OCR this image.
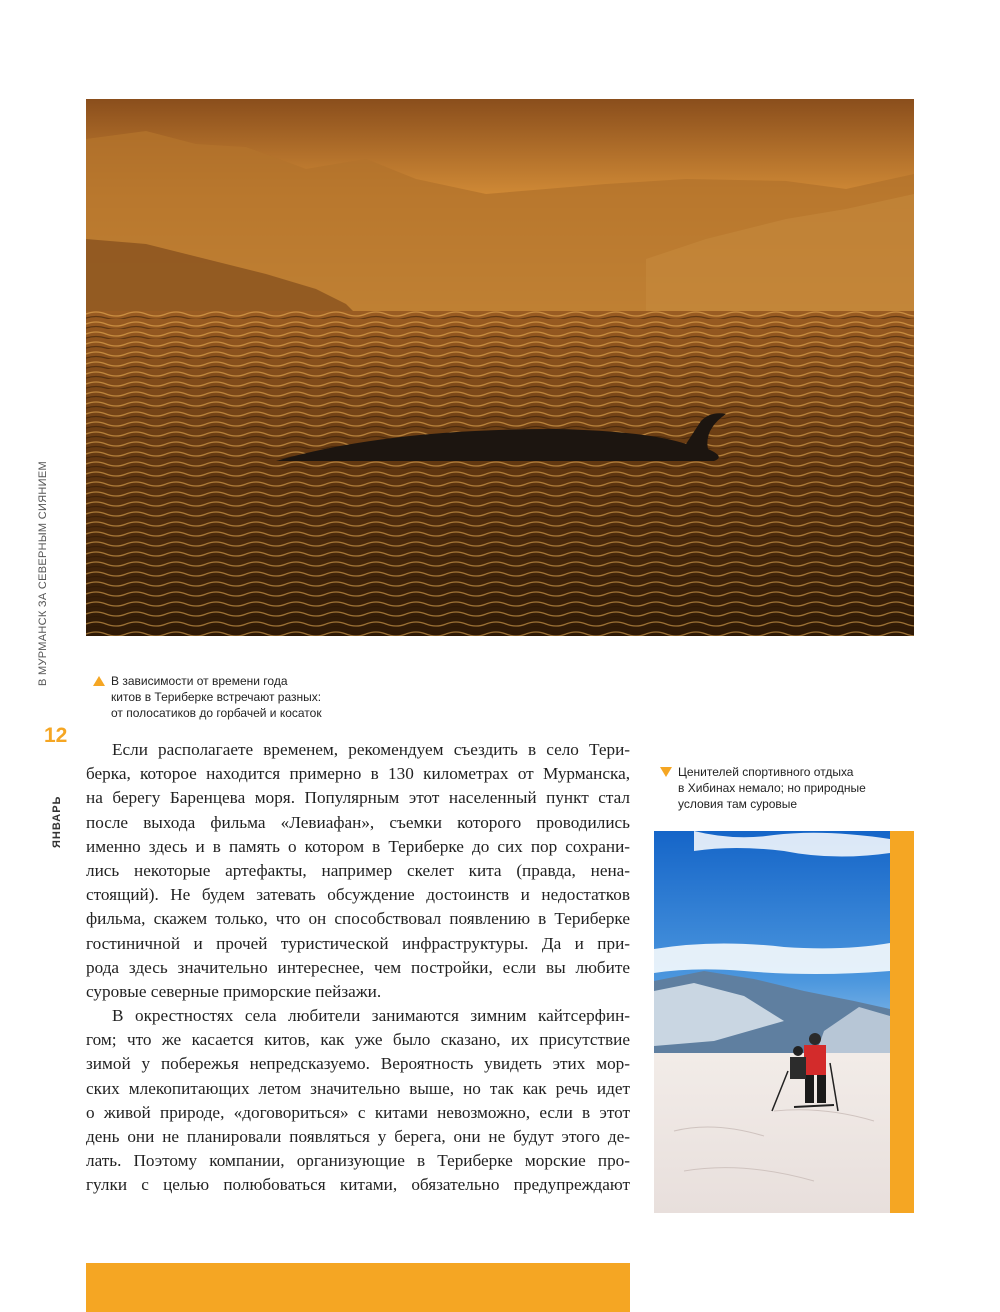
В МУРМАНСК ЗА СЕВЕРНЫМ СИЯНИЕМ
12
ЯНВАРЬ
В зависимости от времени года
китов в Териберке встречают разных:
от полосатиков до горбачей и косаток
Ценителей спортивного отдыха
в Хибинах немало; но природные
условия там суровые
Если располагаете временем, рекомендуем съездить в село Тери-
берка, которое находится примерно в 130 километрах от Мурманска,
на берегу Баренцева моря. Популярным этот населенный пункт стал
после выхода фильма «Левиафан», съемки которого проводились
именно здесь и в память о котором в Териберке до сих пор сохрани-
лись некоторые артефакты, например скелет кита (правда, нена-
стоящий). Не будем затевать обсуждение достоинств и недостатков
фильма, скажем только, что он способствовал появлению в Териберке
гостиничной и прочей туристической инфраструктуры. Да и при-
рода здесь значительно интереснее, чем постройки, если вы любите
суровые северные приморские пейзажи.
В окрестностях села любители занимаются зимним кайтсерфин-
гом; что же касается китов, как уже было сказано, их присутствие
зимой у побережья непредсказуемо. Вероятность увидеть этих мор-
ских млекопитающих летом значительно выше, но так как речь идет
о живой природе, «договориться» с китами невозможно, если в этот
день они не планировали появляться у берега, они не будут этого де-
лать. Поэтому компании, организующие в Териберке морские про-
гулки с целью полюбоваться китами, обязательно предупреждают
